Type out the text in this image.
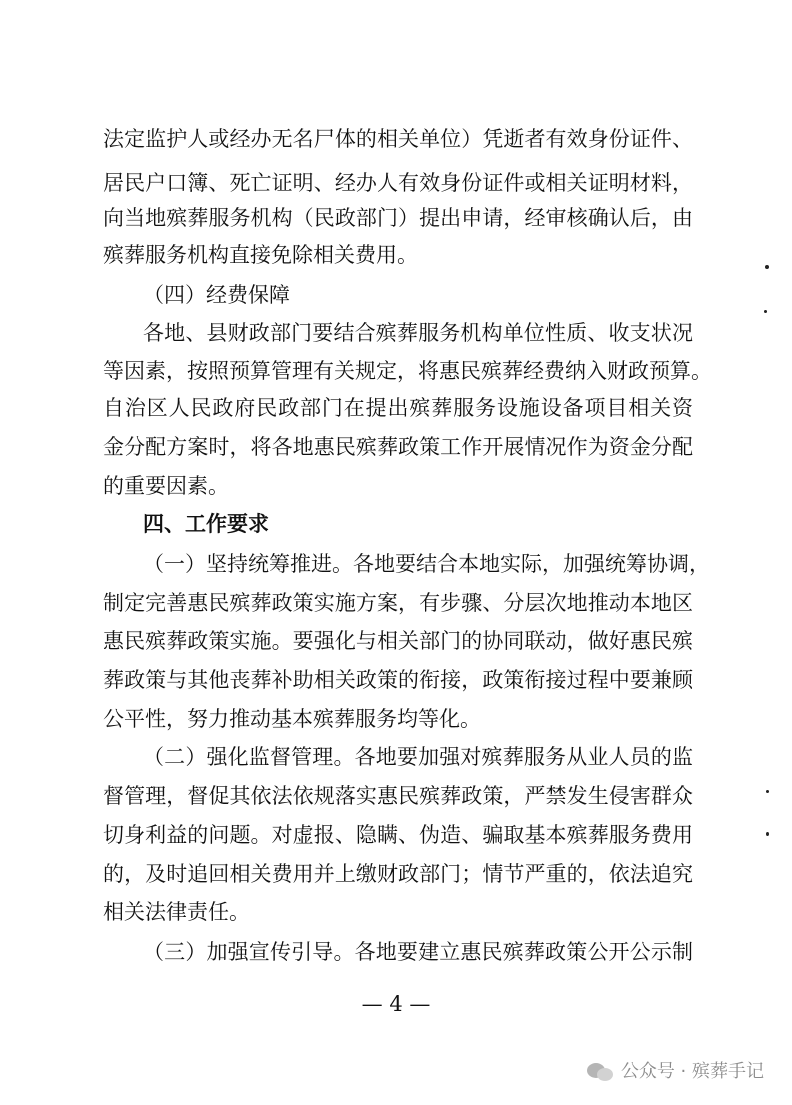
法定监护人或经办无名尸体的相关单位）凭逝者有效身份证件、
居民户口簿、死亡证明、经办人有效身份证件或相关证明材料，
向当地殡葬服务机构（民政部门）提出申请，经审核确认后，由
殡葬服务机构直接免除相关费用。
（四）经费保障
各地、县财政部门要结合殡葬服务机构单位性质、收支状况
等因素，按照预算管理有关规定，将惠民殡葬经费纳入财政预算。
自治区人民政府民政部门在提出殡葬服务设施设备项目相关资
金分配方案时，将各地惠民殡葬政策工作开展情况作为资金分配
的重要因素。
四、工作要求
（一）坚持统筹推进。各地要结合本地实际，加强统筹协调，
制定完善惠民殡葬政策实施方案，有步骤、分层次地推动本地区
惠民殡葬政策实施。要强化与相关部门的协同联动，做好惠民殡
葬政策与其他丧葬补助相关政策的衔接，政策衔接过程中要兼顾
公平性，努力推动基本殡葬服务均等化。
（二）强化监督管理。各地要加强对殡葬服务从业人员的监
督管理，督促其依法依规落实惠民殡葬政策，严禁发生侵害群众
切身利益的问题。对虚报、隐瞒、伪造、骗取基本殡葬服务费用
的，及时追回相关费用并上缴财政部门；情节严重的，依法追究
相关法律责任。
（三）加强宣传引导。各地要建立惠民殡葬政策公开公示制
— 4 —
公众号 · 殡葬手记
